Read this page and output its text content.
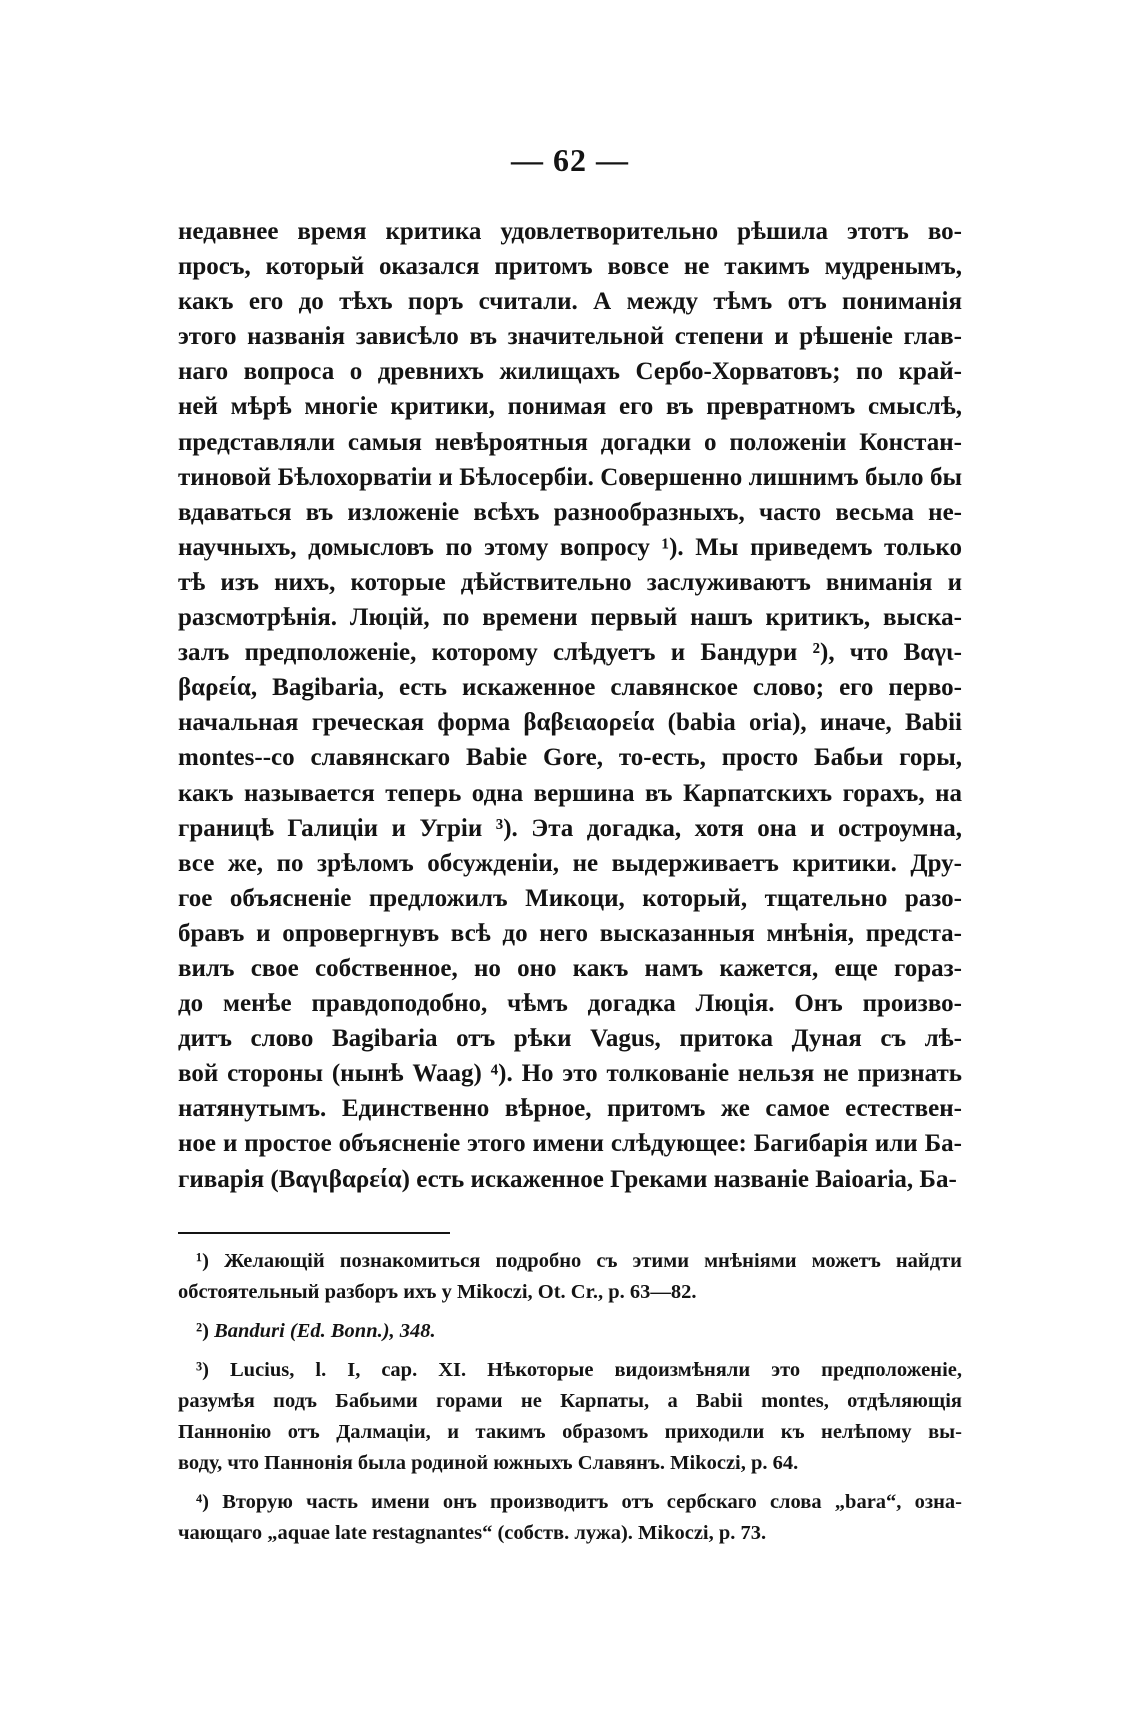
— 62 —
недавнее время критика удовлетворительно рѣшила этотъ во-
просъ, который оказался притомъ вовсе не такимъ мудренымъ,
какъ его до тѣхъ поръ считали. А между тѣмъ отъ пониманія
этого названія зависѣло въ значительной степени и рѣшеніе глав-
наго вопроса о древнихъ жилищахъ Сербо-Хорватовъ; по край-
ней мѣрѣ многіе критики, понимая его въ превратномъ смыслѣ,
представляли самыя невѣроятныя догадки о положеніи Констан-
тиновой Бѣлохорватіи и Бѣлосербіи. Совершенно лишнимъ было бы
вдаваться въ изложеніе всѣхъ разнообразныхъ, часто весьма не-
научныхъ, домысловъ по этому вопросу ¹). Мы приведемъ только
тѣ изъ нихъ, которые дѣйствительно заслуживаютъ вниманія и
разсмотрѣнія. Люцій, по времени первый нашъ критикъ, выска-
залъ предположеніе, которому слѣдуетъ и Бандури ²), что Βαγι-
βαρεία, Bagibaria, есть искаженное славянское слово; его перво-
начальная греческая форма βαβειαορεία (babia oria), иначе, Babii
montes--со славянскаго Babie Gore, то-есть, просто Бабьи горы,
какъ называется теперь одна вершина въ Карпатскихъ горахъ, на
границѣ Галиціи и Угріи ³). Эта догадка, хотя она и остроумна,
все же, по зрѣломъ обсужденіи, не выдерживаетъ критики. Дру-
гое объясненіе предложилъ Микоци, который, тщательно разо-
бравъ и опровергнувъ всѣ до него высказанныя мнѣнія, предста-
вилъ свое собственное, но оно какъ намъ кажется, еще гораз-
до менѣе правдоподобно, чѣмъ догадка Люція. Онъ произво-
дитъ слово Bagibaria отъ рѣки Vagus, притока Дуная съ лѣ-
вой стороны (нынѣ Waag) ⁴). Но это толкованіе нельзя не признать
натянутымъ. Единственно вѣрное, притомъ же самое естествен-
ное и простое объясненіе этого имени слѣдующее: Багибарія или Ба-
гиварія (Βαγιβαρεία) есть искаженное Греками названіе Baioaria, Ба-
¹) Желающій познакомиться подробно съ этими мнѣніями можетъ найдти
обстоятельный разборъ ихъ у Mikoczi, Ot. Cr., p. 63—82.
²) Banduri (Ed. Bonn.), 348.
³) Lucius, l. I, cap. XI. Нѣкоторые видоизмѣняли это предположеніе,
разумѣя подъ Бабьими горами не Карпаты, а Babii montes, отдѣляющія
Паннонію отъ Далмаціи, и такимъ образомъ приходили къ нелѣпому вы-
воду, что Паннонія была родиной южныхъ Славянъ. Mikoczi, p. 64.
⁴) Вторую часть имени онъ производитъ отъ сербскаго слова „bara“, озна-
чающаго „aquae late restagnantes“ (собств. лужа). Mikoczi, p. 73.
